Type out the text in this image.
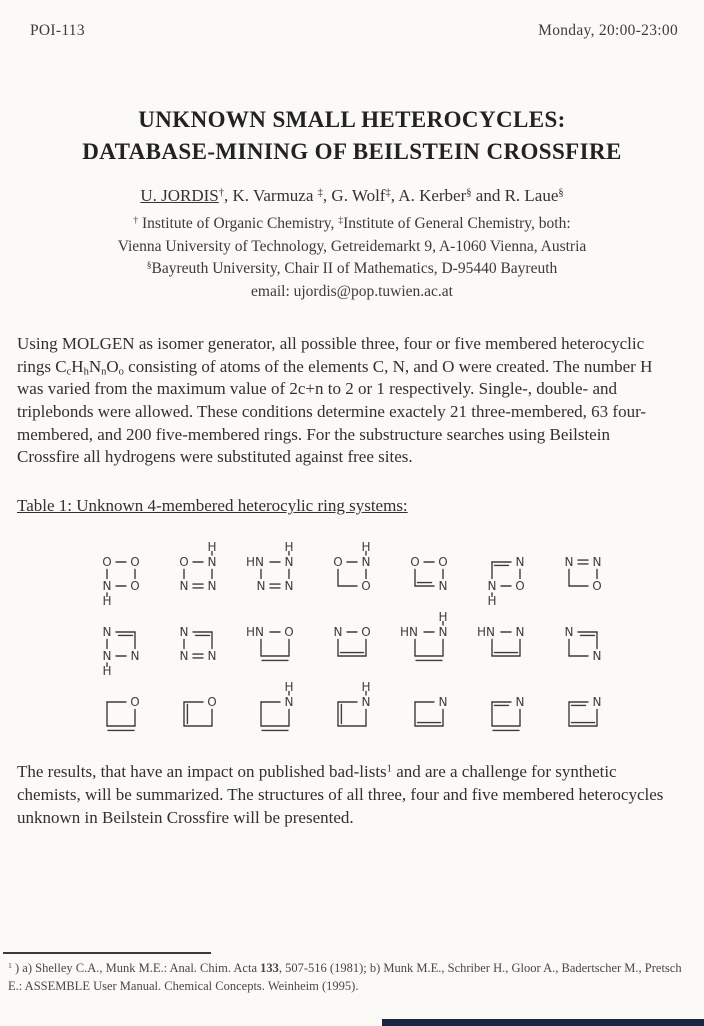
POI-113	Monday, 20:00-23:00
UNKNOWN SMALL HETEROCYCLES:
DATABASE-MINING OF BEILSTEIN CROSSFIRE
U. JORDIS†, K. Varmuza ‡, G. Wolf‡, A. Kerber§ and R. Laue§
† Institute of Organic Chemistry, ‡Institute of General Chemistry, both:
Vienna University of Technology, Getreidemarkt 9, A-1060 Vienna, Austria
§Bayreuth University, Chair II of Mathematics, D-95440 Bayreuth
email: ujordis@pop.tuwien.ac.at
Using MOLGEN as isomer generator, all possible three, four or five membered heterocyclic rings $C_cH_hN_nO_o$ consisting of atoms of the elements C, N, and O were created. The number H was varied from the maximum value of 2c+n to 2 or 1 respectively. Single-, double- and triplebonds were allowed. These conditions determine exactely 21 three-membered, 63 four-membered, and 200 five-membered rings. For the substructure searches using Beilstein Crossfire all hydrogens were substituted against free sites.
Table 1: Unknown 4-membered heterocylic ring systems:
O O
N
H
O
O N
H
N N
HN N
H
N N
O N
H
O
O O
N
N
N
H
O
N N
O
N
N
H
N
N
N N
HN O	N O HN N
H
HN N	N
N
O	O	N
H
N
H
N	N	N
The results, that have an impact on published bad-lists$^1$ and are a challenge for synthetic chemists, will be summarized. The structures of all three, four and five membered heterocycles unknown in Beilstein Crossfire will be presented.
$^1$ ) a) Shelley C.A., Munk M.E.: Anal. Chim. Acta 133, 507-516 (1981); b) Munk M.E., Schriber H., Gloor A., Badertscher M., Pretsch E.: ASSEMBLE User Manual. Chemical Concepts. Weinheim (1995).
